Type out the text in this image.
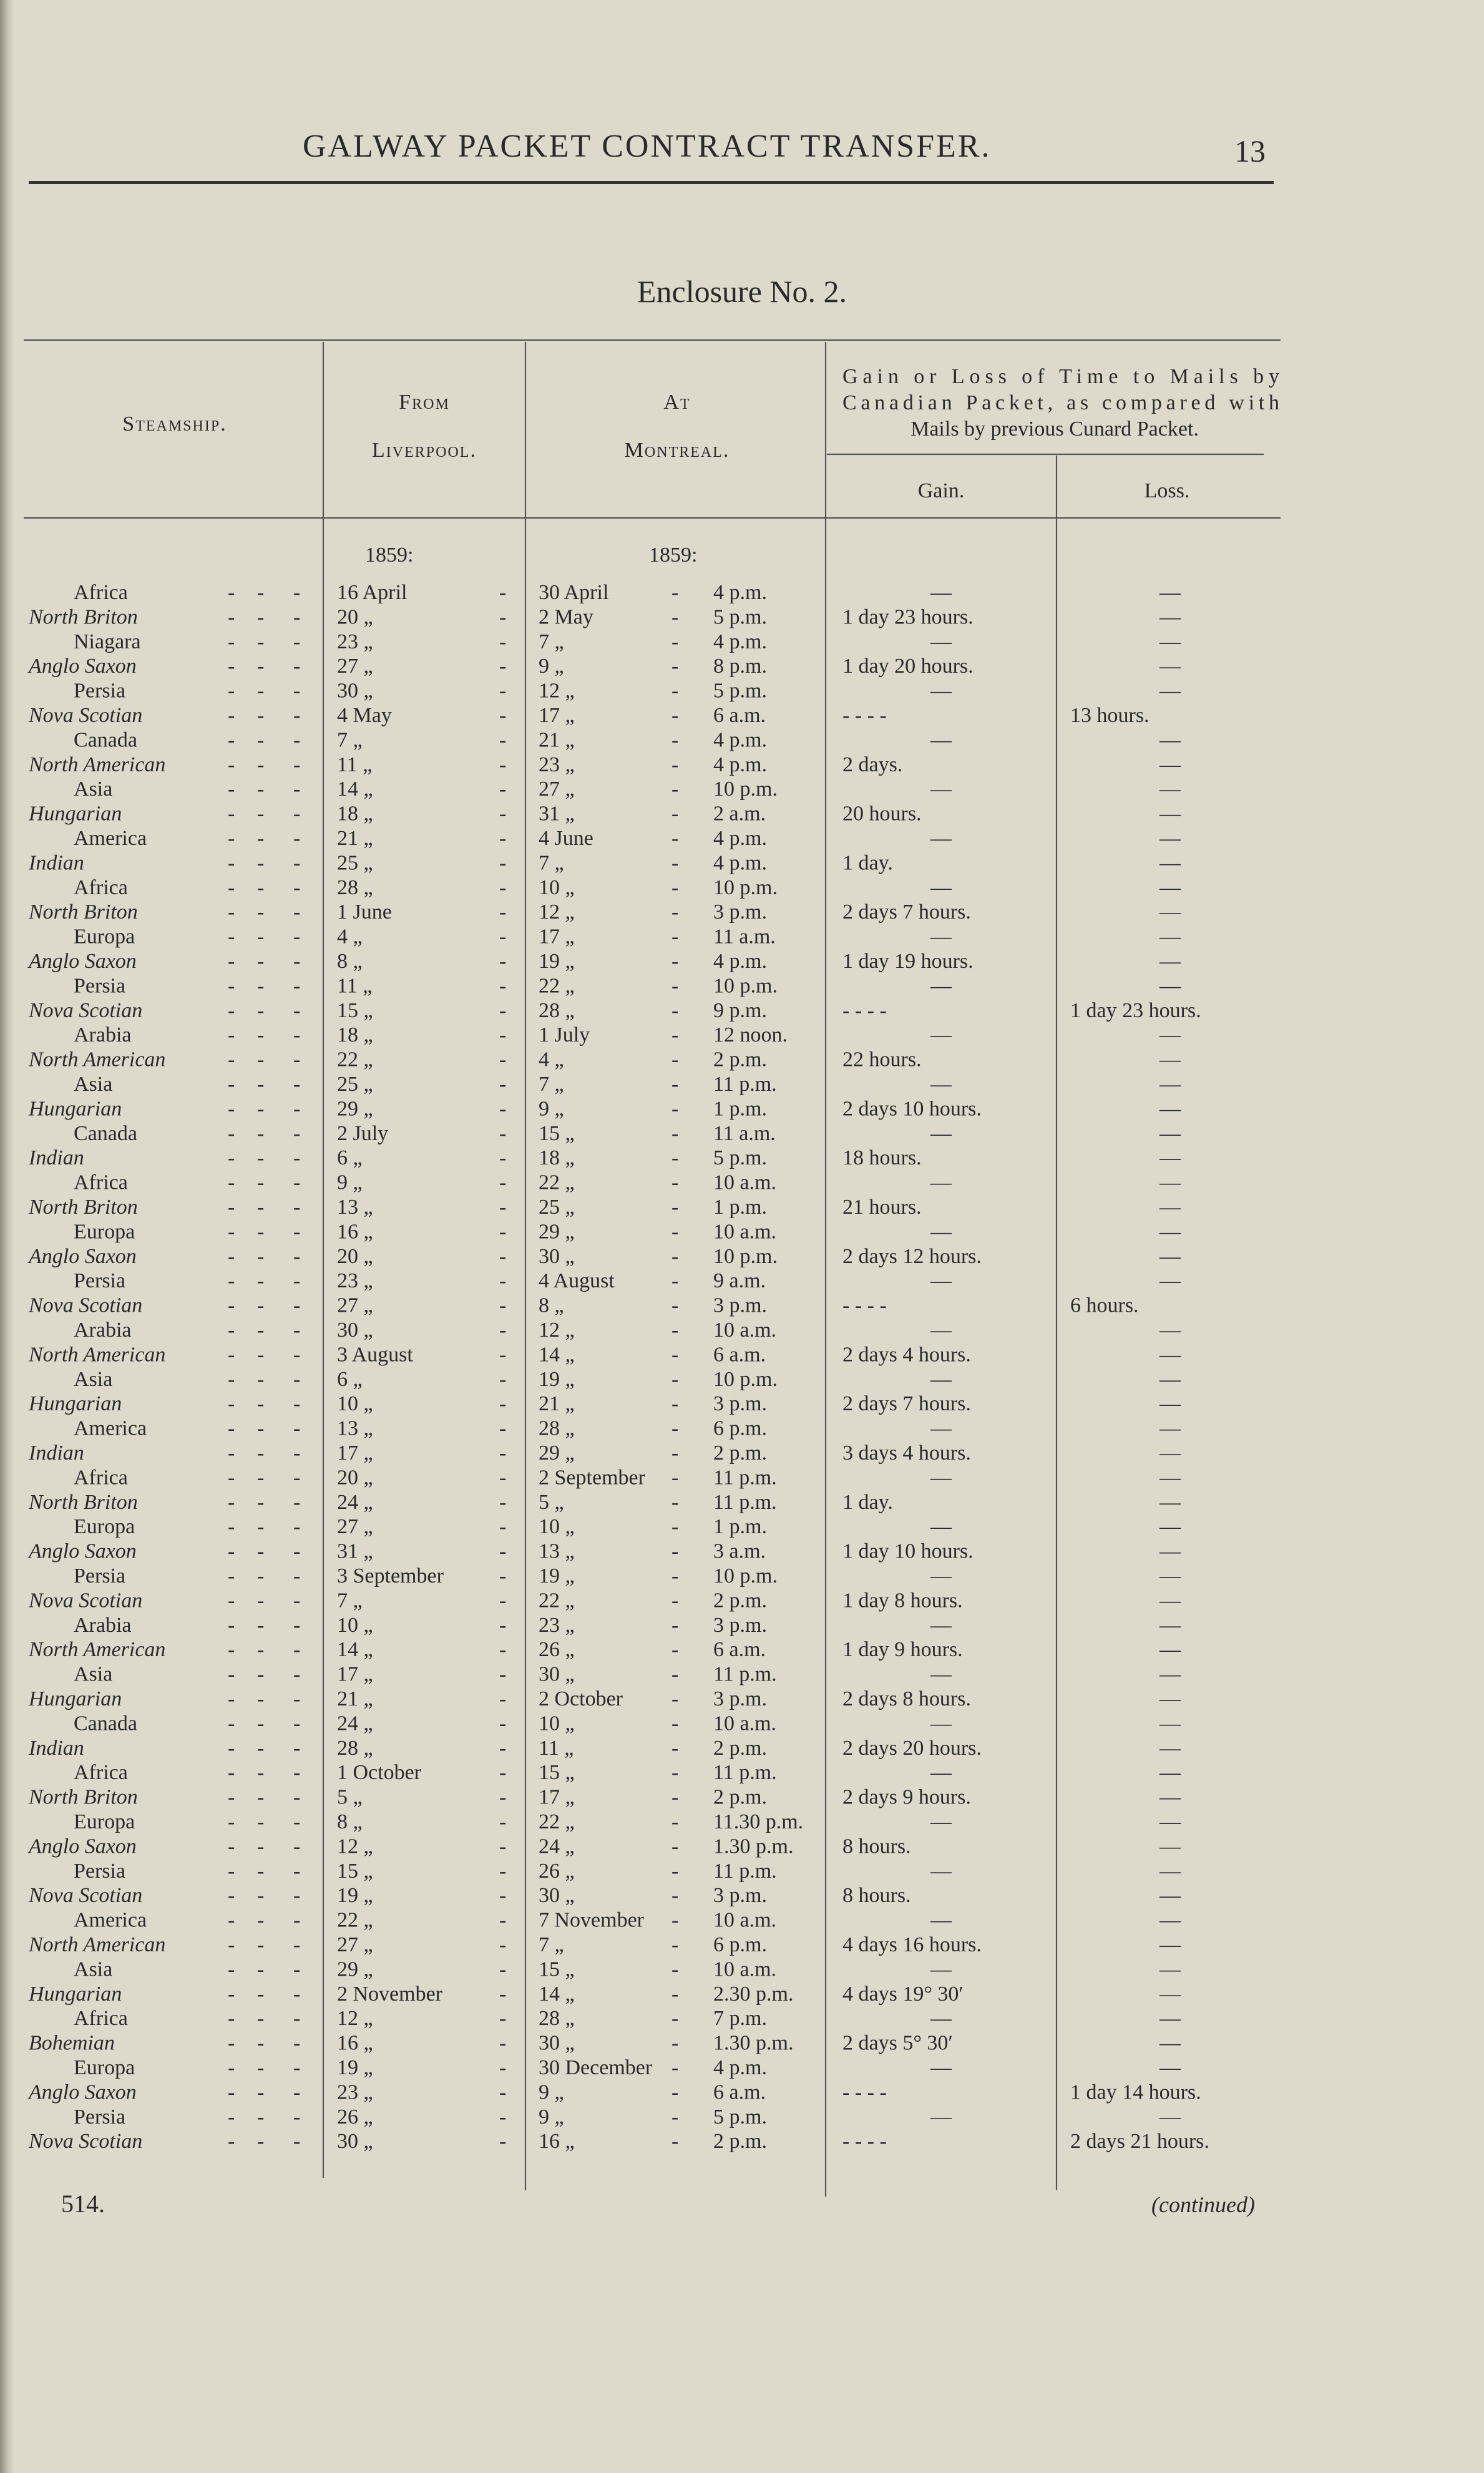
GALWAY PACKET CONTRACT TRANSFER.	13
Enclosure No. 2.
Steamship.
From
Liverpool.
At
Montreal.
Gain or Loss of Time to Mails by
Canadian Packet, as compared with
Mails by previous Cunard Packet.
Gain.	Loss.
1859:	1859:
Africa	- - - 16 April	- 30 April	- 4 p.m.	—	—
North Briton	- - - 20 „	- 2 May	- 5 p.m.	1 day 23 hours.	—
Niagara	- - - 23 „	- 7 „	- 4 p.m.	—	—
Anglo Saxon	- - - 27 „	- 9 „	- 8 p.m.	1 day 20 hours.	—
Persia	- - - 30 „	- 12 „	- 5 p.m.	—	—
Nova Scotian	- - - 4 May	- 17 „	- 6 a.m.	- - - -	13 hours.
Canada	- - - 7 „	- 21 „	- 4 p.m.	—	—
North American	- - - 11 „	- 23 „	- 4 p.m.	2 days.	—
Asia	- - - 14 „	- 27 „	- 10 p.m.	—	—
Hungarian	- - - 18 „	- 31 „	- 2 a.m.	20 hours.	—
America	- - - 21 „	- 4 June	- 4 p.m.	—	—
Indian	- - - 25 „	- 7 „	- 4 p.m.	1 day.	—
Africa	- - - 28 „	- 10 „	- 10 p.m.	—	—
North Briton	- - - 1 June	- 12 „	- 3 p.m.	2 days 7 hours.	—
Europa	- - - 4 „	- 17 „	- 11 a.m.	—	—
Anglo Saxon	- - - 8 „	- 19 „	- 4 p.m.	1 day 19 hours.	—
Persia	- - - 11 „	- 22 „	- 10 p.m.	—	—
Nova Scotian	- - - 15 „	- 28 „	- 9 p.m.	- - - -	1 day 23 hours.
Arabia	- - - 18 „	- 1 July	- 12 noon.	—	—
North American	- - - 22 „	- 4 „	- 2 p.m.	22 hours.	—
Asia	- - - 25 „	- 7 „	- 11 p.m.	—	—
Hungarian	- - - 29 „	- 9 „	- 1 p.m.	2 days 10 hours.	—
Canada	- - - 2 July	- 15 „	- 11 a.m.	—	—
Indian	- - - 6 „	- 18 „	- 5 p.m.	18 hours.	—
Africa	- - - 9 „	- 22 „	- 10 a.m.	—	—
North Briton	- - - 13 „	- 25 „	- 1 p.m.	21 hours.	—
Europa	- - - 16 „	- 29 „	- 10 a.m.	—	—
Anglo Saxon	- - - 20 „	- 30 „	- 10 p.m.	2 days 12 hours.	—
Persia	- - - 23 „	- 4 August	- 9 a.m.	—	—
Nova Scotian	- - - 27 „	- 8 „	- 3 p.m.	- - - -	6 hours.
Arabia	- - - 30 „	- 12 „	- 10 a.m.	—	—
North American	- - - 3 August	- 14 „	- 6 a.m.	2 days 4 hours.	—
Asia	- - - 6 „	- 19 „	- 10 p.m.	—	—
Hungarian	- - - 10 „	- 21 „	- 3 p.m.	2 days 7 hours.	—
America	- - - 13 „	- 28 „	- 6 p.m.	—	—
Indian	- - - 17 „	- 29 „	- 2 p.m.	3 days 4 hours.	—
Africa	- - - 20 „	- 2 September - 11 p.m.	—	—
North Briton	- - - 24 „	- 5 „	- 11 p.m.	1 day.	—
Europa	- - - 27 „	- 10 „	- 1 p.m.	—	—
Anglo Saxon	- - - 31 „	- 13 „	- 3 a.m.	1 day 10 hours.	—
Persia	- - - 3 September	- 19 „	- 10 p.m.	—	—
Nova Scotian	- - - 7 „	- 22 „	- 2 p.m.	1 day 8 hours.	—
Arabia	- - - 10 „	- 23 „	- 3 p.m.	—	—
North American	- - - 14 „	- 26 „	- 6 a.m.	1 day 9 hours.	—
Asia	- - - 17 „	- 30 „	- 11 p.m.	—	—
Hungarian	- - - 21 „	- 2 October - 3 p.m.	2 days 8 hours.	—
Canada	- - - 24 „	- 10 „	- 10 a.m.	—	—
Indian	- - - 28 „	- 11 „	- 2 p.m.	2 days 20 hours.	—
Africa	- - - 1 October	- 15 „	- 11 p.m.	—	—
North Briton	- - - 5 „	- 17 „	- 2 p.m.	2 days 9 hours.	—
Europa	- - - 8 „	- 22 „	- 11.30 p.m.	—	—
Anglo Saxon	- - - 12 „	- 24 „	- 1.30 p.m. 8 hours.	—
Persia	- - - 15 „	- 26 „	- 11 p.m.	—	—
Nova Scotian	- - - 19 „	- 30 „	- 3 p.m.	8 hours.	—
America	- - - 22 „	- 7 November - 10 a.m.	—	—
North American	- - - 27 „	- 7 „	- 6 p.m.	4 days 16 hours.	—
Asia	- - - 29 „	- 15 „	- 10 a.m.	—	—
Hungarian	- - - 2 November	- 14 „	- 2.30 p.m. 4 days 19° 30′	—
Africa	- - - 12 „	- 28 „	- 7 p.m.	—	—
Bohemian	- - - 16 „	- 30 „	- 1.30 p.m. 2 days 5° 30′	—
Europa	- - - 19 „	- 30 December - 4 p.m.	—	—
Anglo Saxon	- - - 23 „	- 9 „	- 6 a.m.	- - - -	1 day 14 hours.
Persia	- - - 26 „	- 9 „	- 5 p.m.	—	—
Nova Scotian	- - - 30 „	- 16 „	- 2 p.m.	- - - -	2 days 21 hours.
514.	(continued)
